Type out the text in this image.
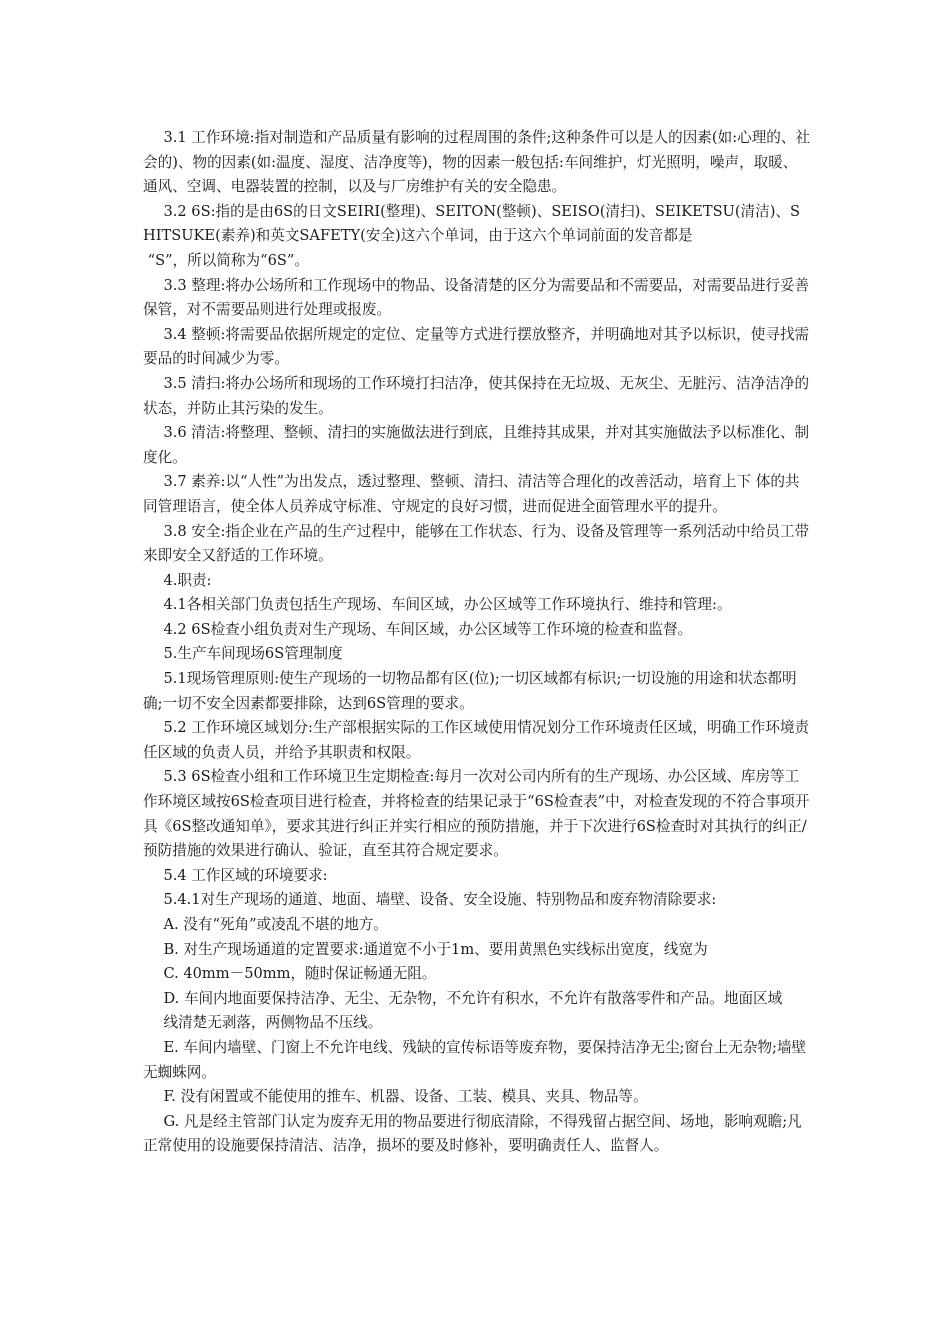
3.1 工作环境:指对制造和产品质量有影响的过程周围的条件;这种条件可以是人的因素(如:心理的、社会的)、物的因素(如:温度、湿度、洁净度等)，物的因素一般包括:车间维护，灯光照明，噪声，取暖、通风、空调、电器装置的控制，以及与厂房维护有关的安全隐患。

3.2 6S:指的是由6S的日文SEIRI(整理)、SEITON(整顿)、SEISO(清扫)、SEIKETSU(清洁)、SHITSUKE(素养)和英文SAFETY(安全)这六个单词，由于这六个单词前面的发音都是
“S”，所以简称为“6S”。

3.3 整理:将办公场所和工作现场中的物品、设备清楚的区分为需要品和不需要品，对需要品进行妥善保管，对不需要品则进行处理或报废。

3.4 整顿:将需要品依据所规定的定位、定量等方式进行摆放整齐，并明确地对其予以标识，使寻找需要品的时间减少为零。

3.5 清扫:将办公场所和现场的工作环境打扫洁净，使其保持在无垃圾、无灰尘、无脏污、洁净洁净的状态，并防止其污染的发生。

3.6 清洁:将整理、整顿、清扫的实施做法进行到底，且维持其成果，并对其实施做法予以标准化、制度化。

3.7 素养:以“人性”为出发点，透过整理、整顿、清扫、清洁等合理化的改善活动，培育上下 体的共同管理语言，使全体人员养成守标准、守规定的良好习惯，进而促进全面管理水平的提升。

3.8 安全:指企业在产品的生产过程中，能够在工作状态、行为、设备及管理等一系列活动中给员工带来即安全又舒适的工作环境。

4.职责:

4.1各相关部门负责包括生产现场、车间区域，办公区域等工作环境执行、维持和管理:。

4.2 6S检查小组负责对生产现场、车间区域，办公区域等工作环境的检查和监督。

5.生产车间现场6S管理制度

5.1现场管理原则:使生产现场的一切物品都有区(位);一切区域都有标识;一切设施的用途和状态都明确;一切不安全因素都要排除，达到6S管理的要求。

5.2 工作环境区域划分:生产部根据实际的工作区域使用情况划分工作环境责任区域，明确工作环境责任区域的负责人员，并给予其职责和权限。

5.3 6S检查小组和工作环境卫生定期检查:每月一次对公司内所有的生产现场、办公区域、库房等工作环境区域按6S检查项目进行检查，并将检查的结果记录于“6S检查表”中，对检查发现的不符合事项开具《6S整改通知单》，要求其进行纠正并实行相应的预防措施，并于下次进行6S检查时对其执行的纠正/预防措施的效果进行确认、验证，直至其符合规定要求。

5.4 工作区域的环境要求:

5.4.1对生产现场的通道、地面、墙壁、设备、安全设施、特别物品和废弃物清除要求:

A. 没有“死角”或凌乱不堪的地方。

B. 对生产现场通道的定置要求:通道宽不小于1m、要用黄黑色实线标出宽度，线宽为

C. 40mm－50mm，随时保证畅通无阻。

D. 车间内地面要保持洁净、无尘、无杂物，不允许有积水，不允许有散落零件和产品。地面区域

线清楚无剥落，两侧物品不压线。

E. 车间内墙壁、门窗上不允许电线、残缺的宣传标语等废弃物，要保持洁净无尘;窗台上无杂物;墙壁无蜘蛛网。

F. 没有闲置或不能使用的推车、机器、设备、工装、模具、夹具、物品等。

G. 凡是经主管部门认定为废弃无用的物品要进行彻底清除，不得残留占据空间、场地，影响观瞻;凡正常使用的设施要保持清洁、洁净，损坏的要及时修补，要明确责任人、监督人。
